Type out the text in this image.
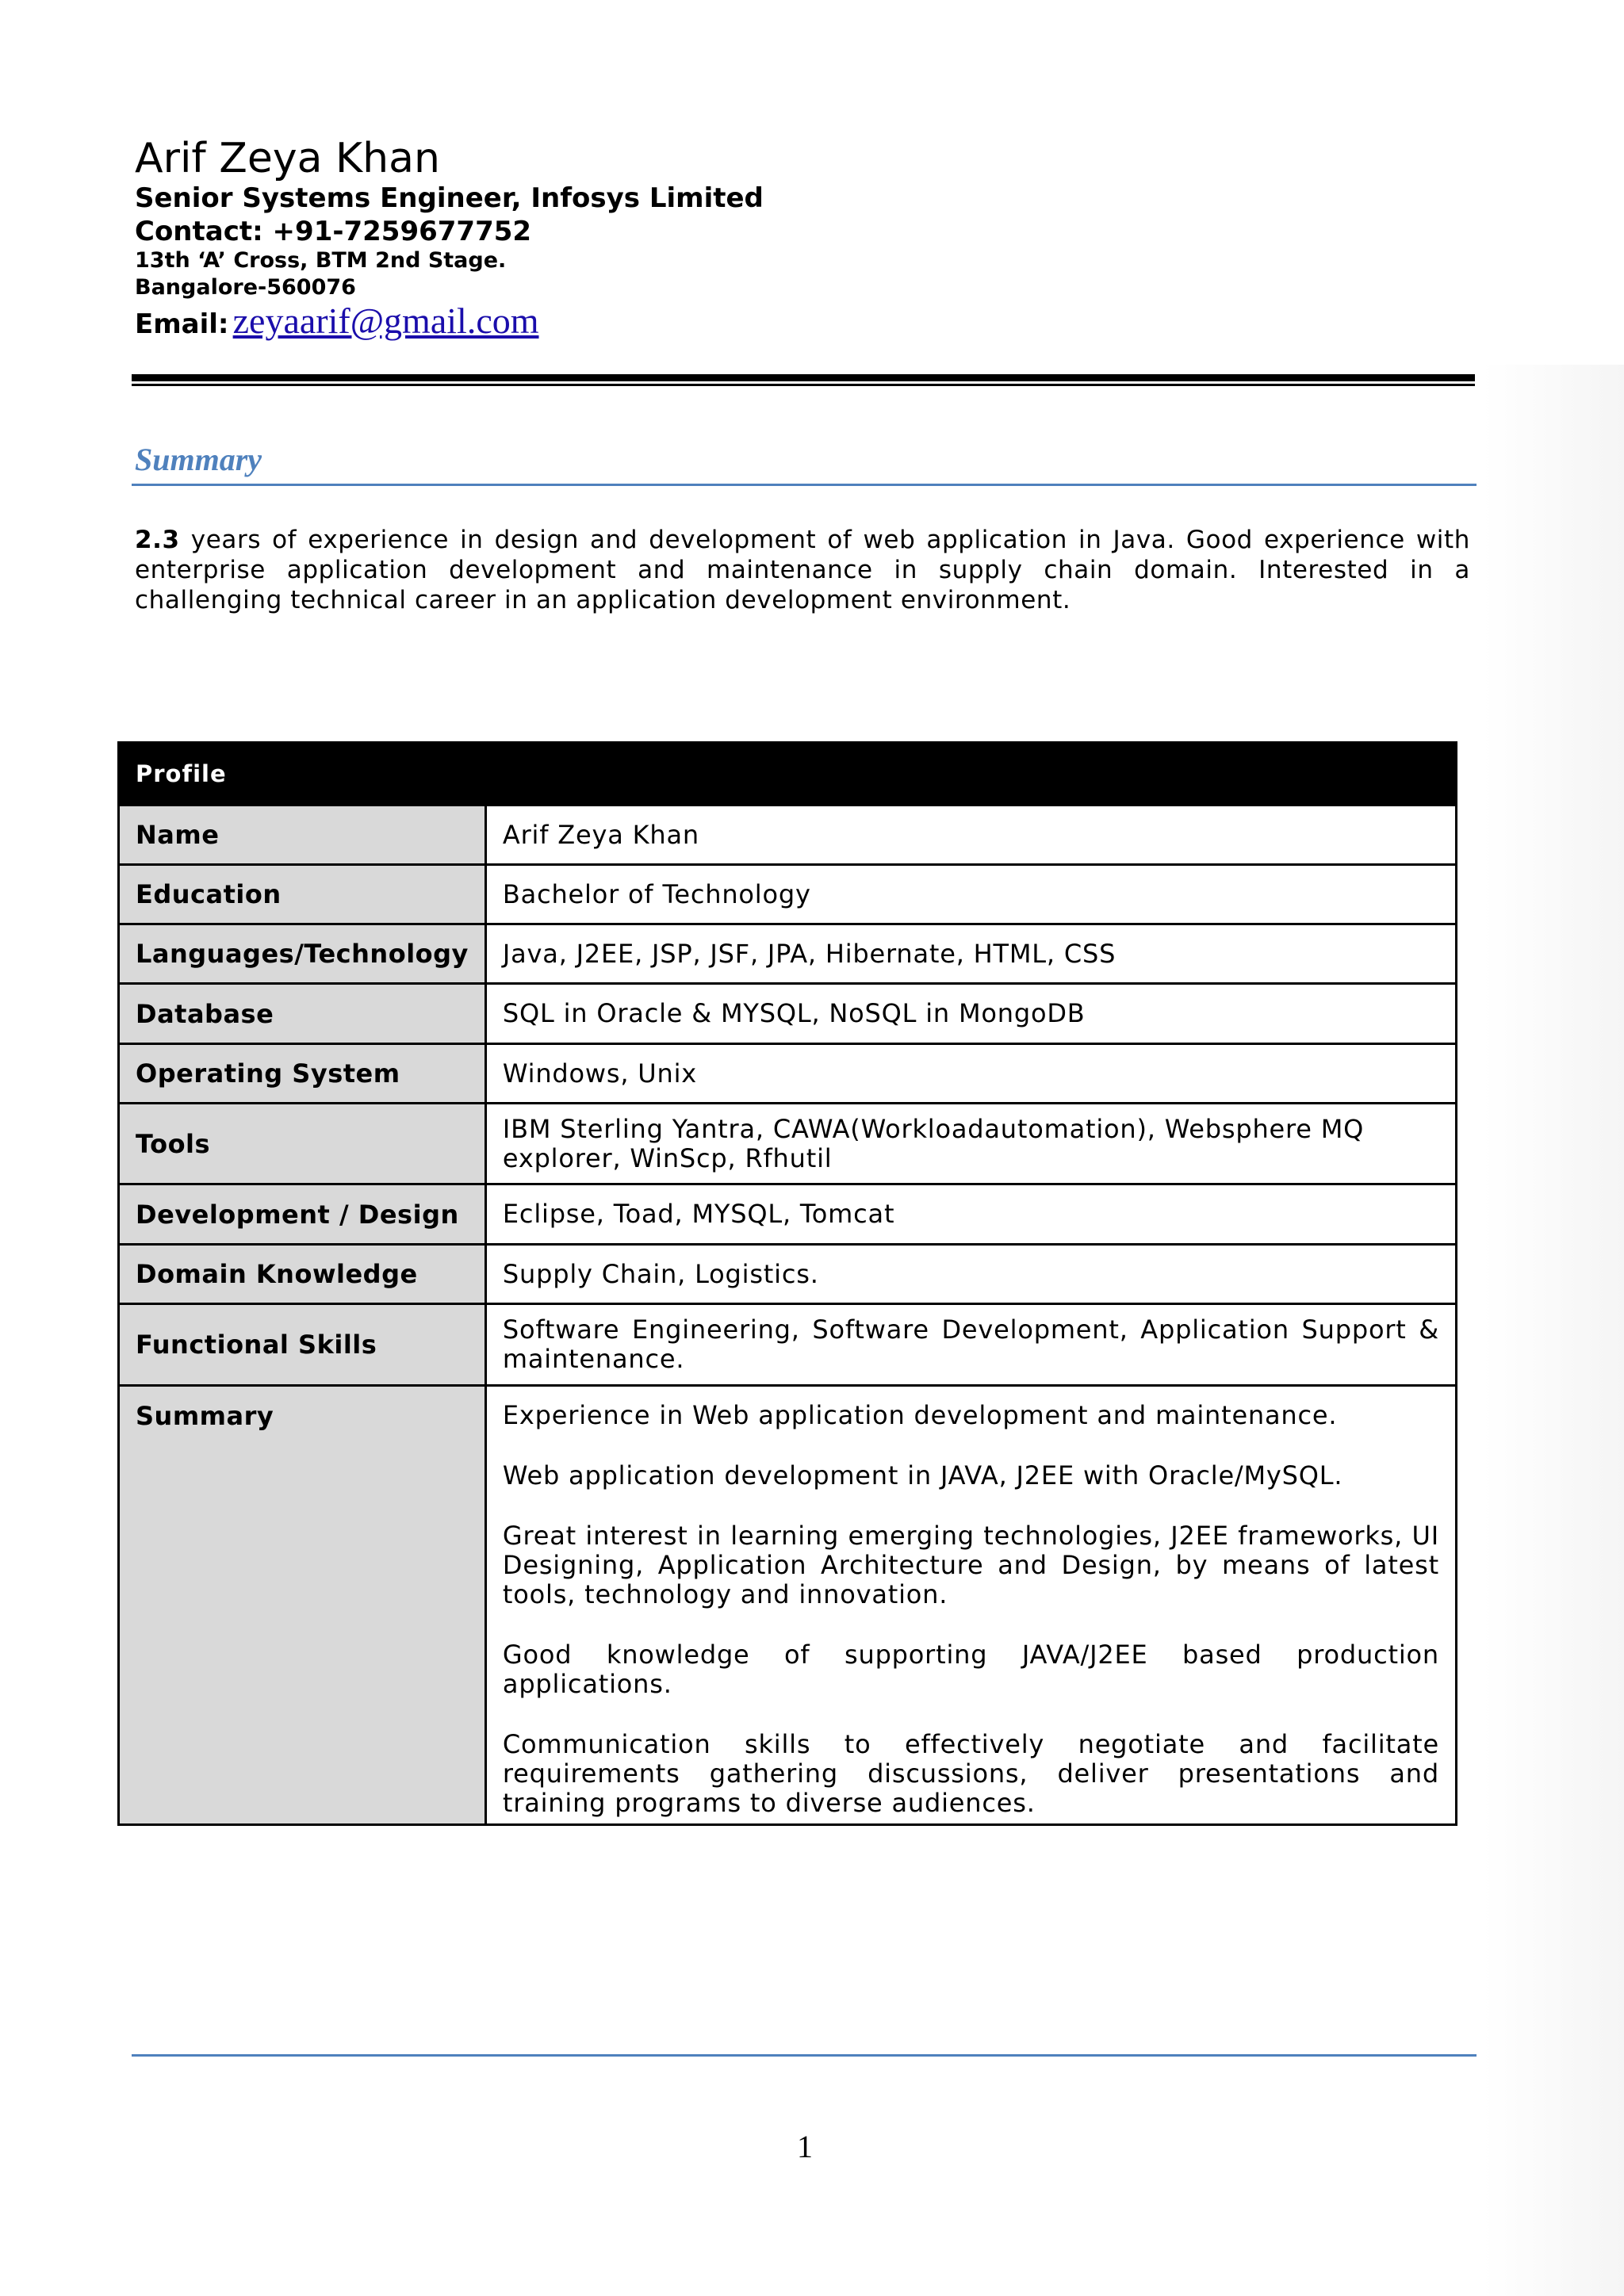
Arif Zeya Khan
Senior Systems Engineer, Infosys Limited
Contact: +91-7259677752
13th ‘A’ Cross, BTM 2nd Stage.
Bangalore-560076
Email: zeyaarif@gmail.com
Summary
2.3 years of experience in design and development of web application in Java. Good experience with enterprise application development and maintenance in supply chain domain. Interested in a challenging technical career in an application development environment.
Profile	
Name	Arif Zeya Khan
Education	Bachelor of Technology
Languages/Technology	Java, J2EE, JSP, JSF, JPA, Hibernate, HTML, CSS
Database	SQL in Oracle & MYSQL, NoSQL in MongoDB
Operating System	Windows, Unix
Tools	IBM Sterling Yantra, CAWA(Workloadautomation), Websphere MQ explorer, WinScp, Rfhutil
Development / Design	Eclipse, Toad, MYSQL, Tomcat
Domain Knowledge	Supply Chain, Logistics.
Functional Skills	Software Engineering, Software Development, Application Support & maintenance.
Summary	Experience in Web application development and maintenance.

Web application development in JAVA, J2EE with Oracle/MySQL.

Great interest in learning emerging technologies, J2EE frameworks, UI Designing, Application Architecture and Design, by means of latest tools, technology and innovation.

Good knowledge of supporting JAVA/J2EE based production applications.

Communication skills to effectively negotiate and facilitate requirements gathering discussions, deliver presentations and training programs to diverse audiences.

1
